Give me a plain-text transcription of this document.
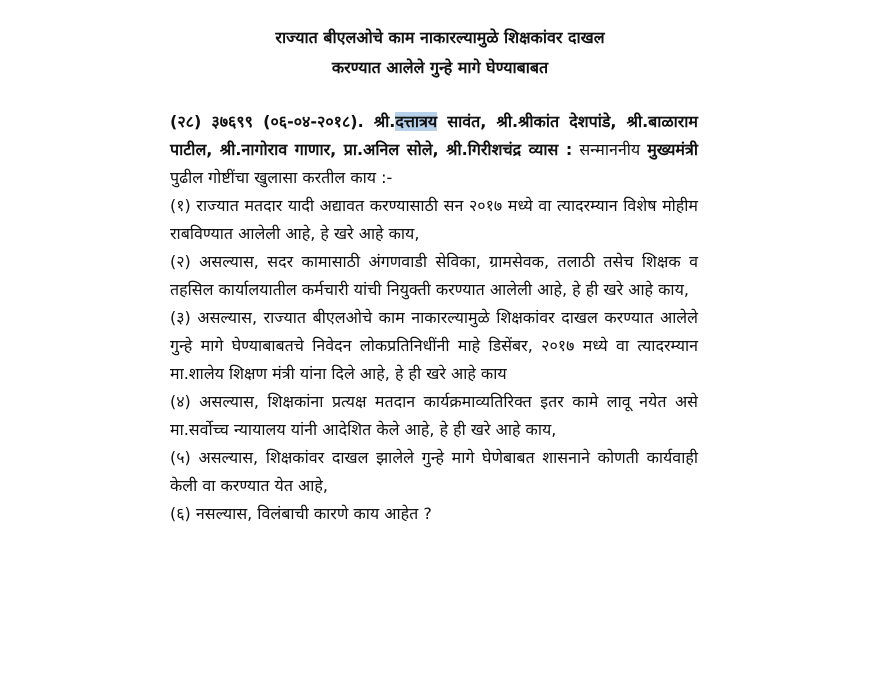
राज्यात बीएलओचे काम नाकारल्यामुळे शिक्षकांवर दाखल
करण्यात आलेले गुन्हे मागे घेण्याबाबत

(२८) ३७६९९ (०६-०४-२०१८). श्री.दत्तात्रय सावंत, श्री.श्रीकांत देशपांडे, श्री.बाळाराम पाटील, श्री.नागोराव गाणार, प्रा.अनिल सोले, श्री.गिरीशचंद्र व्यास : सन्माननीय मुख्यमंत्री पुढील गोष्टींचा खुलासा करतील काय :-

(१) राज्यात मतदार यादी अद्यावत करण्यासाठी सन २०१७ मध्ये वा त्यादरम्यान विशेष मोहीम राबविण्यात आलेली आहे, हे खरे आहे काय,

(२) असल्यास, सदर कामासाठी अंगणवाडी सेविका, ग्रामसेवक, तलाठी तसेच शिक्षक व तहसिल कार्यालयातील कर्मचारी यांची नियुक्ती करण्यात आलेली आहे, हे ही खरे आहे काय,

(३) असल्यास, राज्यात बीएलओचे काम नाकारल्यामुळे शिक्षकांवर दाखल करण्यात आलेले गुन्हे मागे घेण्याबाबतचे निवेदन लोकप्रतिनिधींनी माहे डिसेंबर, २०१७ मध्ये वा त्यादरम्यान मा.शालेय शिक्षण मंत्री यांना दिले आहे, हे ही खरे आहे काय

(४) असल्यास, शिक्षकांना प्रत्यक्ष मतदान कार्यक्रमाव्यतिरिक्त इतर कामे लावू नयेत असे मा.सर्वोच्च न्यायालय यांनी आदेशित केले आहे, हे ही खरे आहे काय,

(५) असल्यास, शिक्षकांवर दाखल झालेले गुन्हे मागे घेणेबाबत शासनाने कोणती कार्यवाही केली वा करण्यात येत आहे,

(६) नसल्यास, विलंबाची कारणे काय आहेत ?
